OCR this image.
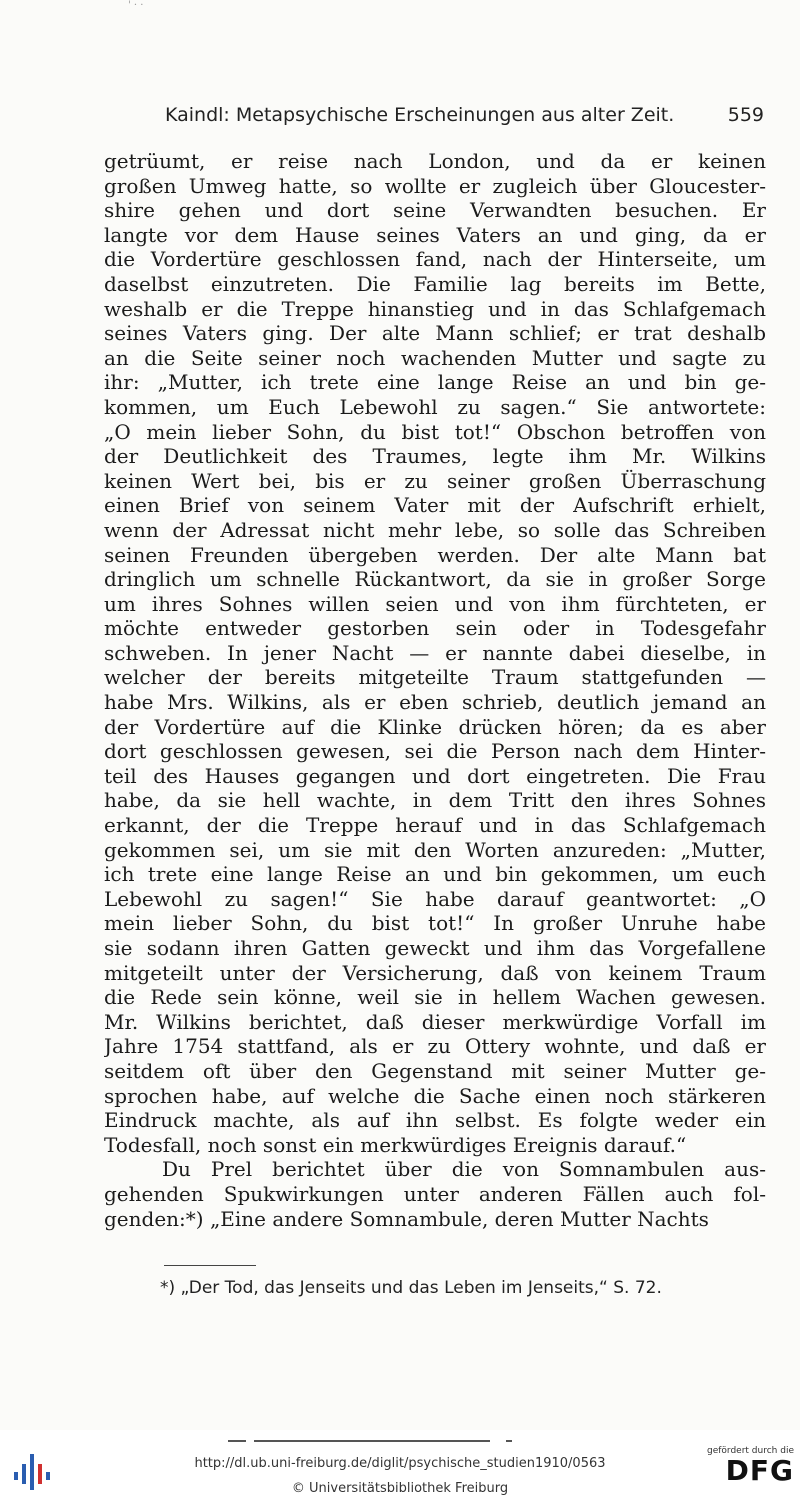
' · ·
Kaindl: Metapsychische Erscheinungen aus alter Zeit.	559
getrüumt, er reise nach London, und da er keinen
großen Umweg hatte, so wollte er zugleich über Gloucester-
shire gehen und dort seine Verwandten besuchen. Er
langte vor dem Hause seines Vaters an und ging, da er
die Vordertüre geschlossen fand, nach der Hinterseite, um
daselbst einzutreten. Die Familie lag bereits im Bette,
weshalb er die Treppe hinanstieg und in das Schlafgemach
seines Vaters ging. Der alte Mann schlief; er trat deshalb
an die Seite seiner noch wachenden Mutter und sagte zu
ihr: „Mutter, ich trete eine lange Reise an und bin ge-
kommen, um Euch Lebewohl zu sagen.“ Sie antwortete:
„O mein lieber Sohn, du bist tot!“ Obschon betroffen von
der Deutlichkeit des Traumes, legte ihm Mr. Wilkins
keinen Wert bei, bis er zu seiner großen Überraschung
einen Brief von seinem Vater mit der Aufschrift erhielt,
wenn der Adressat nicht mehr lebe, so solle das Schreiben
seinen Freunden übergeben werden. Der alte Mann bat
dringlich um schnelle Rückantwort, da sie in großer Sorge
um ihres Sohnes willen seien und von ihm fürchteten, er
möchte entweder gestorben sein oder in Todesgefahr
schweben. In jener Nacht — er nannte dabei dieselbe, in
welcher der bereits mitgeteilte Traum stattgefunden —
habe Mrs. Wilkins, als er eben schrieb, deutlich jemand an
der Vordertüre auf die Klinke drücken hören; da es aber
dort geschlossen gewesen, sei die Person nach dem Hinter-
teil des Hauses gegangen und dort eingetreten. Die Frau
habe, da sie hell wachte, in dem Tritt den ihres Sohnes
erkannt, der die Treppe herauf und in das Schlafgemach
gekommen sei, um sie mit den Worten anzureden: „Mutter,
ich trete eine lange Reise an und bin gekommen, um euch
Lebewohl zu sagen!“ Sie habe darauf geantwortet: „O
mein lieber Sohn, du bist tot!“ In großer Unruhe habe
sie sodann ihren Gatten geweckt und ihm das Vorgefallene
mitgeteilt unter der Versicherung, daß von keinem Traum
die Rede sein könne, weil sie in hellem Wachen gewesen.
Mr. Wilkins berichtet, daß dieser merkwürdige Vorfall im
Jahre 1754 stattfand, als er zu Ottery wohnte, und daß er
seitdem oft über den Gegenstand mit seiner Mutter ge-
sprochen habe, auf welche die Sache einen noch stärkeren
Eindruck machte, als auf ihn selbst. Es folgte weder ein
Todesfall, noch sonst ein merkwürdiges Ereignis darauf.“
Du Prel berichtet über die von Somnambulen aus-
gehenden Spukwirkungen unter anderen Fällen auch fol-
genden:*) „Eine andere Somnambule, deren Mutter Nachts
*) „Der Tod, das Jenseits und das Leben im Jenseits,“ S. 72.
http://dl.ub.uni-freiburg.de/diglit/psychische_studien1910/0563
© Universitätsbibliothek Freiburg
gefördert durch die
DFG
